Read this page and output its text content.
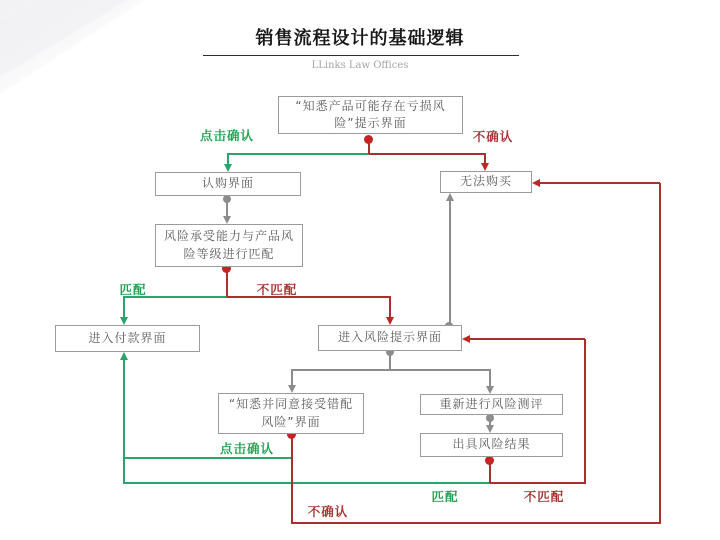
销售流程设计的基础逻辑
LLinks Law Offices
“知悉产品可能存在亏损风险”提示界面
认购界面
风险承受能力与产品风险等级进行匹配
无法购买
进入付款界面	进入风险提示界面
“知悉并同意接受错配风险”界面
重新进行风险测评
出具风险结果
点击确认	不确认
匹配	不匹配
点击确认
匹配	不匹配
不确认
